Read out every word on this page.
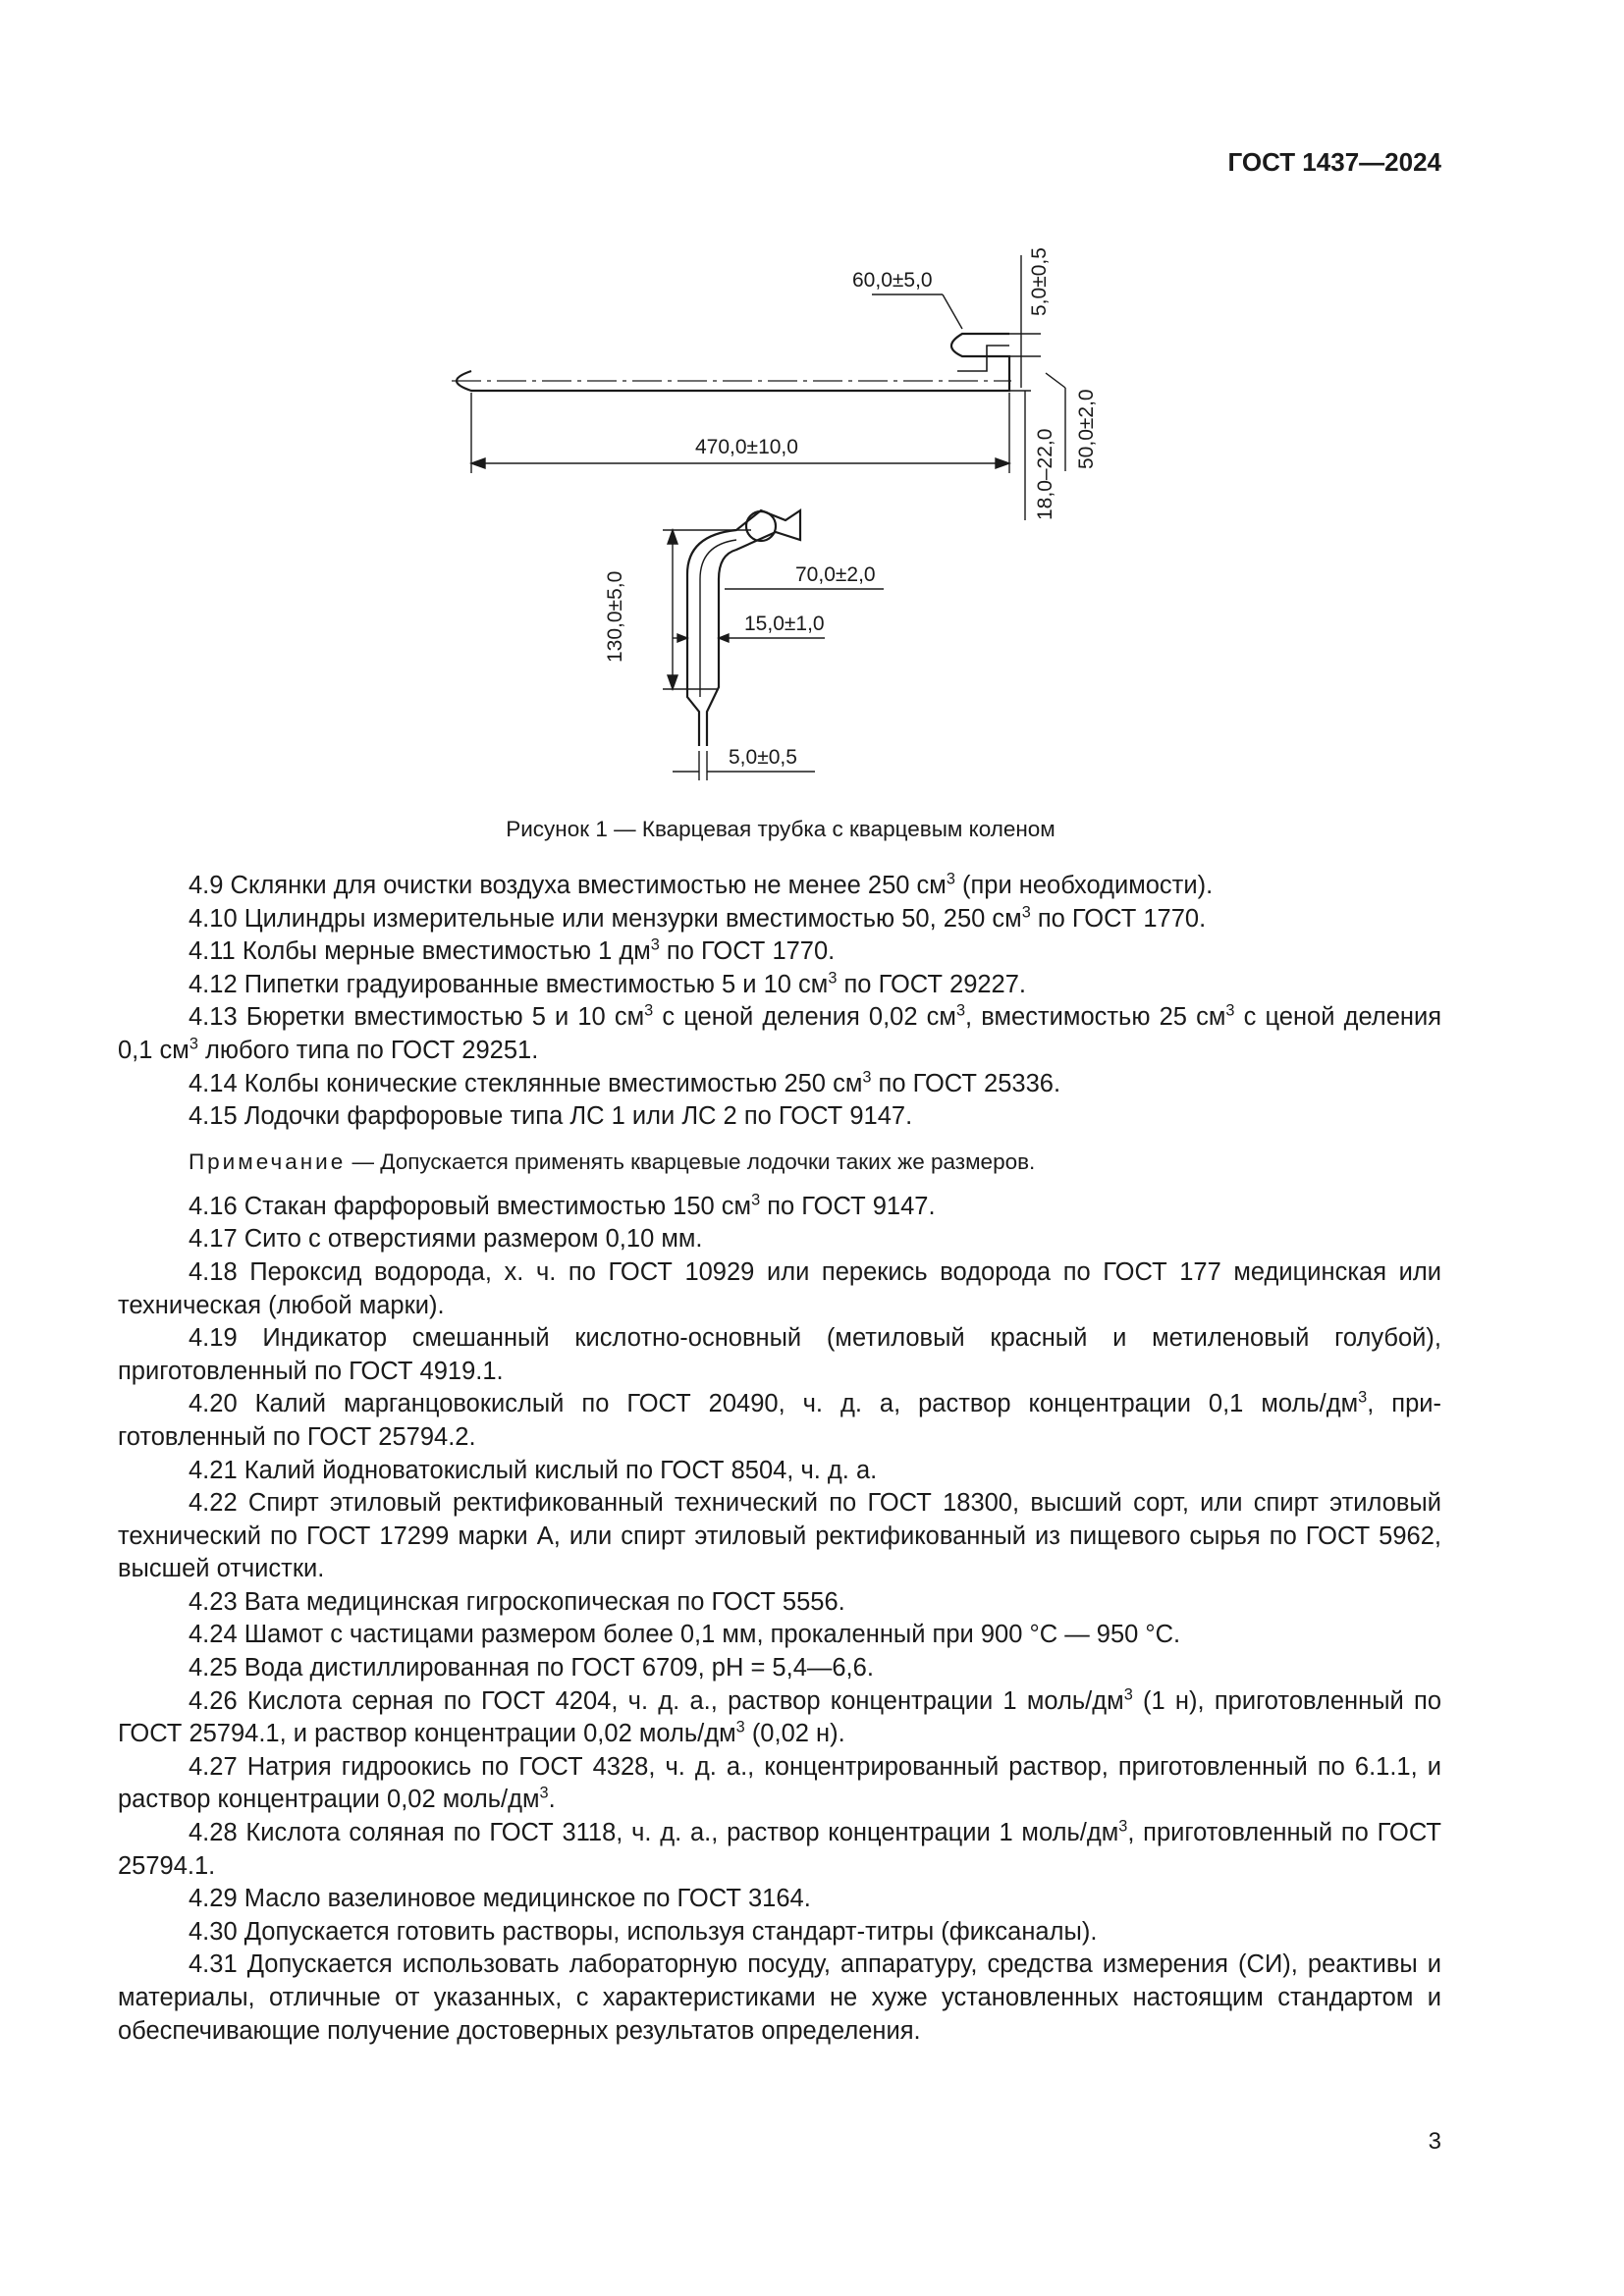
ГОСТ 1437—2024
60,0±5,0	5,0±0,5
470,0±10,0	50,0±2,0
18,0–22,0
130,0±5,0	70,0±2,0
15,0±1,0
5,0±0,5
Рисунок 1 — Кварцевая трубка с кварцевым коленом

4.9 Склянки для очистки воздуха вместимостью не менее 250 $см^3$ (при необходимости).

4.10 Цилиндры измерительные или мензурки вместимостью 50, 250 $см^3$ по ГОСТ 1770.

4.11 Колбы мерные вместимостью 1 $дм^3$ по ГОСТ 1770.

4.12 Пипетки градуированные вместимостью 5 и 10 $см^3$ по ГОСТ 29227.

4.13 Бюретки вместимостью 5 и 10 $см^3$ с ценой деления 0,02 $см^3$, вместимостью 25 $см^3$ с ценой деления 0,1 $см^3$ любого типа по ГОСТ 29251.

4.14 Колбы конические стеклянные вместимостью 250 $см^3$ по ГОСТ 25336.

4.15 Лодочки фарфоровые типа ЛС 1 или ЛС 2 по ГОСТ 9147.

Примечание — Допускается применять кварцевые лодочки таких же размеров.

4.16 Стакан фарфоровый вместимостью 150 $см^3$ по ГОСТ 9147.

4.17 Сито с отверстиями размером 0,10 мм.

4.18 Пероксид водорода, х. ч. по ГОСТ 10929 или перекись водорода по ГОСТ 177 медицинская или техническая (любой марки).

4.19 Индикатор смешанный кислотно-основный (метиловый красный и метиленовый голубой), приготовленный по ГОСТ 4919.1.

4.20 Калий марганцовокислый по ГОСТ 20490, ч. д. а, раствор концентрации 0,1 моль/$дм^3$, приготовленный по ГОСТ 25794.2.

4.21 Калий йодноватокислый кислый по ГОСТ 8504, ч. д. а.

4.22 Спирт этиловый ректификованный технический по ГОСТ 18300, высший сорт, или спирт этиловый технический по ГОСТ 17299 марки А, или спирт этиловый ректификованный из пищевого сырья по ГОСТ 5962, высшей отчистки.

4.23 Вата медицинская гигроскопическая по ГОСТ 5556.

4.24 Шамот с частицами размером более 0,1 мм, прокаленный при 900 °С — 950 °С.

4.25 Вода дистиллированная по ГОСТ 6709, рН = 5,4—6,6.

4.26 Кислота серная по ГОСТ 4204, ч. д. а., раствор концентрации 1 моль/$дм^3$ (1 н), приготовленный по ГОСТ 25794.1, и раствор концентрации 0,02 моль/$дм^3$ (0,02 н).

4.27 Натрия гидроокись по ГОСТ 4328, ч. д. а., концентрированный раствор, приготовленный по 6.1.1, и раствор концентрации 0,02 моль/$дм^3$.

4.28 Кислота соляная по ГОСТ 3118, ч. д. а., раствор концентрации 1 моль/$дм^3$, приготовленный по ГОСТ 25794.1.

4.29 Масло вазелиновое медицинское по ГОСТ 3164.

4.30 Допускается готовить растворы, используя стандарт-титры (фиксаналы).

4.31 Допускается использовать лабораторную посуду, аппаратуру, средства измерения (СИ), реактивы и материалы, отличные от указанных, с характеристиками не хуже установленных настоящим стандартом и обеспечивающие получение достоверных результатов определения.

3
